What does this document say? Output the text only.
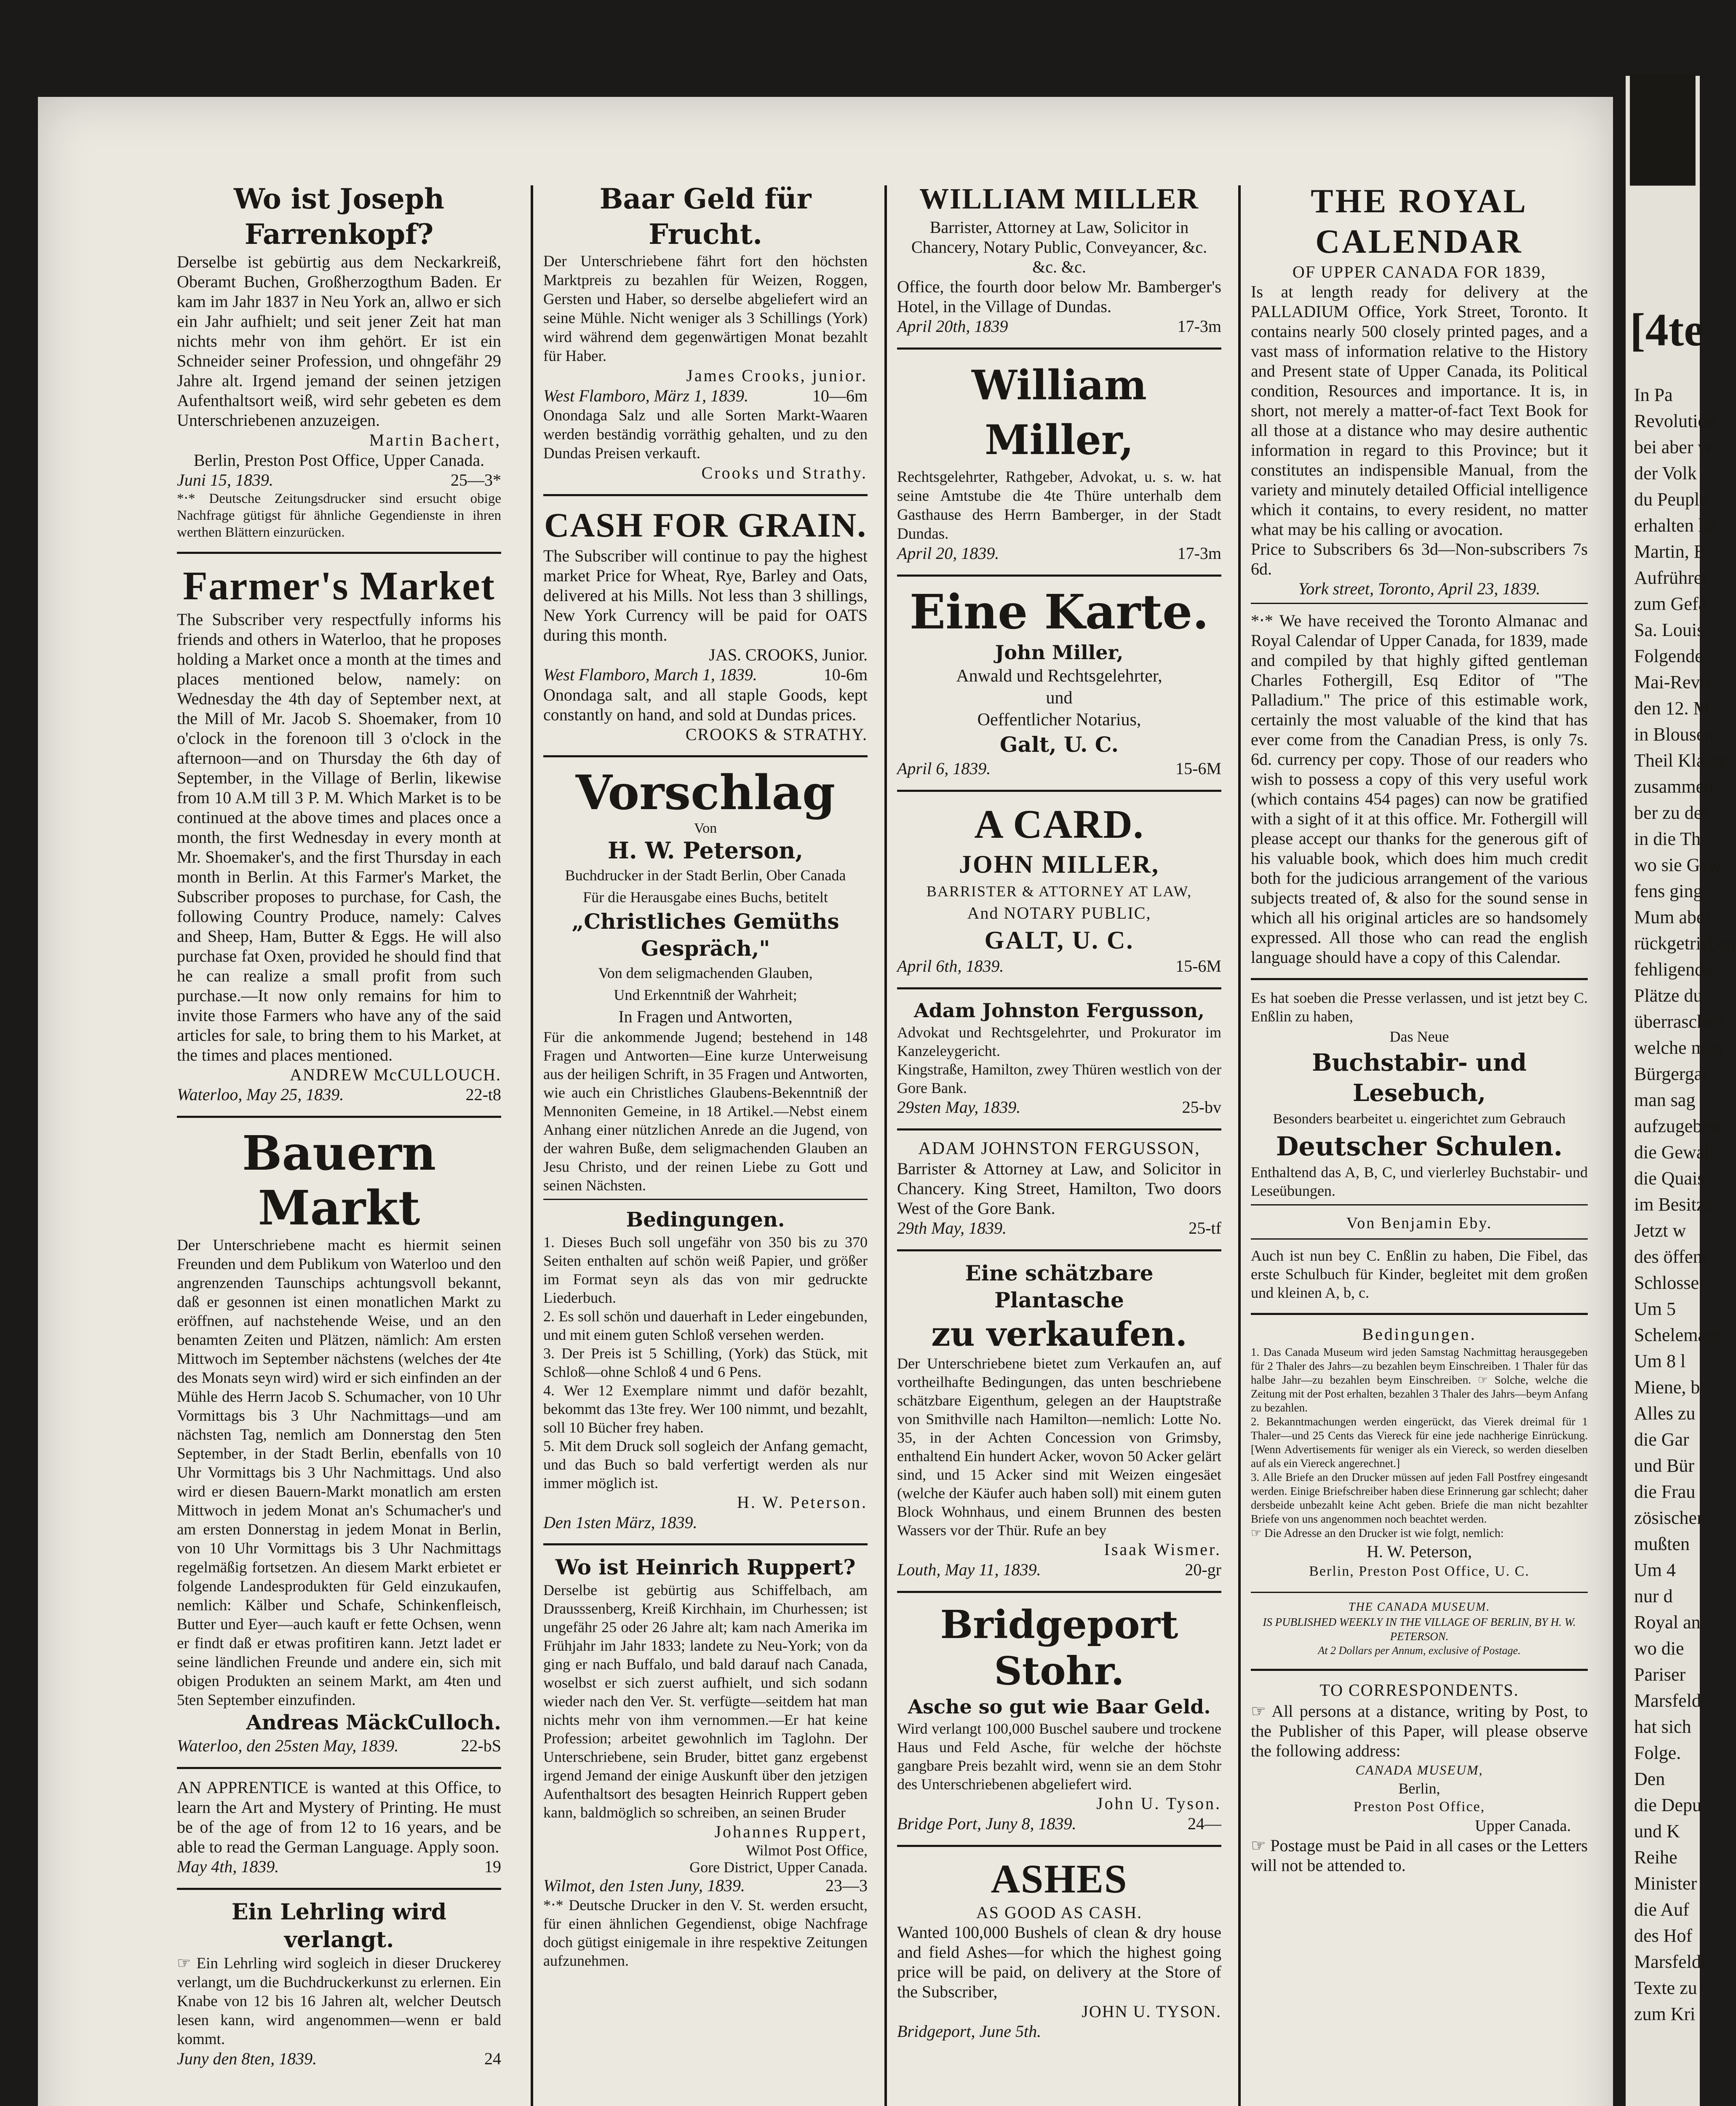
█
[4te
In Pa
Revolution
bei aber w
der Volk
du Peuple
erhalten ha
Martin, B
Aufrührer
zum Gefä
Sa. Louis
Folgende
Mai-Revo
den 12. M
in Blousen
Theil Klasse
zusammen
ber zu der
in die Th
wo sie Gew
fens ging
Mum aber
rückgetrieben
fehligende
Plätze du
überraschen
welche man
Bürgergar
man sag
aufzugeben
die Gewalt
die Quais
im Besitze
Jetzt w
des öffent
Schlosse
Um 5
Schelemans
Um 8 l
Miene, b
Alles zu
die Gar
und Bür
die Frau
zösischen
mußten
Um 4
nur d
Royal an
wo die
Pariser
Marsfeld
hat sich
Folge.
Den
die Depu
und K
Reihe
Minister
die Auf
des Hof
Marsfelde
Texte zu
zum Kri
Wo ist Joseph Farrenkopf?

Derselbe ist gebürtig aus dem Neckarkreiß, Oberamt Buchen, Großherzogthum Baden. Er kam im Jahr 1837 in Neu York an, allwo er sich ein Jahr aufhielt; und seit jener Zeit hat man nichts mehr von ihm gehört. Er ist ein Schneider seiner Profession, und ohngefähr 29 Jahre alt. Irgend jemand der seinen jetzigen Aufenthaltsort weiß, wird sehr gebeten es dem Unterschriebenen anzuzeigen.

Martin Bachert,

Berlin, Preston Post Office, Upper Canada.

Juni 15, 1839.	25—3*

*‧* Deutsche Zeitungsdrucker sind ersucht obige Nachfrage gütigst für ähnliche Gegendienste in ihren werthen Blättern einzurücken.

Farmer's Market

The Subscriber very respectfully informs his friends and others in Waterloo, that he proposes holding a Market once a month at the times and places mentioned below, namely: on Wednesday the 4th day of September next, at the Mill of Mr. Jacob S. Shoemaker, from 10 o'clock in the forenoon till 3 o'clock in the afternoon—and on Thursday the 6th day of September, in the Village of Berlin, likewise from 10 A.M till 3 P. M. Which Market is to be continued at the above times and places once a month, the first Wednesday in every month at Mr. Shoemaker's, and the first Thursday in each month in Berlin. At this Farmer's Market, the Subscriber proposes to purchase, for Cash, the following Country Produce, namely: Calves and Sheep, Ham, Butter & Eggs. He will also purchase fat Oxen, provided he should find that he can realize a small profit from such purchase.—It now only remains for him to invite those Farmers who have any of the said articles for sale, to bring them to his Market, at the times and places mentioned.

ANDREW McCULLOUCH.

Waterloo, May 25, 1839.	22-t8
Bauern Markt

Der Unterschriebene macht es hiermit seinen Freunden und dem Publikum von Waterloo und den angrenzenden Taunschips achtungsvoll bekannt, daß er gesonnen ist einen monatlichen Markt zu eröffnen, auf nachstehende Weise, und an den benamten Zeiten und Plätzen, nämlich: Am ersten Mittwoch im September nächstens (welches der 4te des Monats seyn wird) wird er sich einfinden an der Mühle des Herrn Jacob S. Schumacher, von 10 Uhr Vormittags bis 3 Uhr Nachmittags—und am nächsten Tag, nemlich am Donnerstag den 5ten September, in der Stadt Berlin, ebenfalls von 10 Uhr Vormittags bis 3 Uhr Nachmittags. Und also wird er diesen Bauern-Markt monatlich am ersten Mittwoch in jedem Monat an's Schumacher's und am ersten Donnerstag in jedem Monat in Berlin, von 10 Uhr Vormittags bis 3 Uhr Nachmittags regelmäßig fortsetzen. An diesem Markt erbietet er folgende Landesprodukten für Geld einzukaufen, nemlich: Kälber und Schafe, Schinkenfleisch, Butter und Eyer—auch kauft er fette Ochsen, wenn er findt daß er etwas profitiren kann. Jetzt ladet er seine ländlichen Freunde und andere ein, sich mit obigen Produkten an seinem Markt, am 4ten und 5ten September einzufinden.

Andreas MäckCulloch.

Waterloo, den 25sten May, 1839.	22-bS

AN APPRENTICE is wanted at this Office, to learn the Art and Mystery of Printing. He must be of the age of from 12 to 16 years, and be able to read the German Language. Apply soon.

May 4th, 1839.	19
Ein Lehrling wird verlangt.

☞ Ein Lehrling wird sogleich in dieser Druckerey verlangt, um die Buchdruckerkunst zu erlernen. Ein Knabe von 12 bis 16 Jahren alt, welcher Deutsch lesen kann, wird angenommen—wenn er bald kommt.

Juny den 8ten, 1839.	24
Baar Geld für Frucht.

Der Unterschriebene fährt fort den höchsten Marktpreis zu bezahlen für Weizen, Roggen, Gersten und Haber, so derselbe abgeliefert wird an seine Mühle. Nicht weniger als 3 Schillings (York) wird während dem gegenwärtigen Monat bezahlt für Haber.

James Crooks, junior.

West Flamboro, März 1, 1839.	10—6m

Onondaga Salz und alle Sorten Markt-Waaren werden beständig vorräthig gehalten, und zu den Dundas Preisen verkauft.

Crooks und Strathy.

CASH FOR GRAIN.

The Subscriber will continue to pay the highest market Price for Wheat, Rye, Barley and Oats, delivered at his Mills. Not less than 3 shillings, New York Currency will be paid for OATS during this month.

JAS. CROOKS, Junior.

West Flamboro, March 1, 1839.	10-6m

Onondaga salt, and all staple Goods, kept constantly on hand, and sold at Dundas prices.

CROOKS & STRATHY.

Vorschlag

Von

H. W. Peterson,

Buchdrucker in der Stadt Berlin, Ober Canada

Für die Herausgabe eines Buchs, betitelt

„Christliches Gemüths Gespräch,"

Von dem seligmachenden Glauben,

Und Erkenntniß der Wahrheit;

In Fragen und Antworten,

Für die ankommende Jugend; bestehend in 148 Fragen und Antworten—Eine kurze Unterweisung aus der heiligen Schrift, in 35 Fragen und Antworten, wie auch ein Christliches Glaubens-Bekenntniß der Mennoniten Gemeine, in 18 Artikel.—Nebst einem Anhang einer nützlichen Anrede an die Jugend, von der wahren Buße, dem seligmachenden Glauben an Jesu Christo, und der reinen Liebe zu Gott und seinen Nächsten.

Bedingungen.

1. Dieses Buch soll ungefähr von 350 bis zu 370 Seiten enthalten auf schön weiß Papier, und größer im Format seyn als das von mir gedruckte Liederbuch.

2. Es soll schön und dauerhaft in Leder eingebunden, und mit einem guten Schloß versehen werden.

3. Der Preis ist 5 Schilling, (York) das Stück, mit Schloß—ohne Schloß 4 und 6 Pens.

4. Wer 12 Exemplare nimmt und daför bezahlt, bekommt das 13te frey. Wer 100 nimmt, und bezahlt, soll 10 Bücher frey haben.

5. Mit dem Druck soll sogleich der Anfang gemacht, und das Buch so bald verfertigt werden als nur immer möglich ist.

H. W. Peterson.

Den 1sten März, 1839.

Wo ist Heinrich Ruppert?

Derselbe ist gebürtig aus Schiffelbach, am Drausssenberg, Kreiß Kirchhain, im Churhessen; ist ungefähr 25 oder 26 Jahre alt; kam nach Amerika im Frühjahr im Jahr 1833; landete zu Neu-York; von da ging er nach Buffalo, und bald darauf nach Canada, woselbst er sich zuerst aufhielt, und sich sodann wieder nach den Ver. St. verfügte—seitdem hat man nichts mehr von ihm vernommen.—Er hat keine Profession; arbeitet gewohnlich im Taglohn. Der Unterschriebene, sein Bruder, bittet ganz ergebenst irgend Jemand der einige Auskunft über den jetzigen Aufenthaltsort des besagten Heinrich Ruppert geben kann, baldmöglich so schreiben, an seinen Bruder

Johannes Ruppert,

Wilmot Post Office,

Gore District, Upper Canada.

Wilmot, den 1sten Juny, 1839.	23—3

*‧* Deutsche Drucker in den V. St. werden ersucht, für einen ähnlichen Gegendienst, obige Nachfrage doch gütigst einigemale in ihre respektive Zeitungen aufzunehmen.

WILLIAM MILLER

Barrister, Attorney at Law, Solicitor in Chancery, Notary Public, Conveyancer, &c. &c. &c.

Office, the fourth door below Mr. Bamberger's Hotel, in the Village of Dundas.

April 20th, 1839	17-3m
William Miller,

Rechtsgelehrter, Rathgeber, Advokat, u. s. w. hat seine Amtstube die 4te Thüre unterhalb dem Gasthause des Herrn Bamberger, in der Stadt Dundas.

April 20, 1839.	17-3m
Eine Karte.

John Miller,

Anwald und Rechtsgelehrter,

und

Oeffentlicher Notarius,

Galt, U. C.

April 6, 1839.	15-6M
A CARD.

JOHN MILLER,

BARRISTER & ATTORNEY AT LAW,

And NOTARY PUBLIC,

GALT, U. C.

April 6th, 1839.	15-6M
Adam Johnston Fergusson,

Advokat und Rechtsgelehrter, und Prokurator im Kanzeleygericht.

Kingstraße, Hamilton, zwey Thüren westlich von der Gore Bank.

29sten May, 1839.	25-bv
ADAM JOHNSTON FERGUSSON,

Barrister & Attorney at Law, and Solicitor in Chancery. King Street, Hamilton, Two doors West of the Gore Bank.

29th May, 1839.	25-tf
Eine schätzbare Plantasche
zu verkaufen.

Der Unterschriebene bietet zum Verkaufen an, auf vortheilhafte Bedingungen, das unten beschriebene schätzbare Eigenthum, gelegen an der Hauptstraße von Smithville nach Hamilton—nemlich: Lotte No. 35, in der Achten Concession von Grimsby, enthaltend Ein hundert Acker, wovon 50 Acker gelärt sind, und 15 Acker sind mit Weizen eingesäet (welche der Käufer auch haben soll) mit einem guten Block Wohnhaus, und einem Brunnen des besten Wassers vor der Thür. Rufe an bey

Isaak Wismer.

Louth, May 11, 1839.	20-gr
Bridgeport Stohr.

Asche so gut wie Baar Geld.

Wird verlangt 100,000 Buschel saubere und trockene Haus und Feld Asche, für welche der höchste gangbare Preis bezahlt wird, wenn sie an dem Stohr des Unterschriebenen abgeliefert wird.

John U. Tyson.

Bridge Port, Juny 8, 1839.	24—
ASHES

AS GOOD AS CASH.

Wanted 100,000 Bushels of clean & dry house and field Ashes—for which the highest going price will be paid, on delivery at the Store of the Subscriber,

JOHN U. TYSON.

Bridgeport, June 5th.

THE ROYAL
CALENDAR

OF UPPER CANADA FOR 1839,

Is at length ready for delivery at the PALLADIUM Office, York Street, Toronto. It contains nearly 500 closely printed pages, and a vast mass of information relative to the History and Present state of Upper Canada, its Political condition, Resources and importance. It is, in short, not merely a matter-of-fact Text Book for all those at a distance who may desire authentic information in regard to this Province; but it constitutes an indispensible Manual, from the variety and minutely detailed Official intelligence which it contains, to every resident, no matter what may be his calling or avocation.

Price to Subscribers 6s 3d—Non-subscribers 7s 6d.

York street, Toronto, April 23, 1839.

*‧* We have received the Toronto Almanac and Royal Calendar of Upper Canada, for 1839, made and compiled by that highly gifted gentleman Charles Fothergill, Esq Editor of "The Palladium." The price of this estimable work, certainly the most valuable of the kind that has ever come from the Canadian Press, is only 7s. 6d. currency per copy. Those of our readers who wish to possess a copy of this very useful work (which contains 454 pages) can now be gratified with a sight of it at this office. Mr. Fothergill will please accept our thanks for the generous gift of his valuable book, which does him much credit both for the judicious arrangement of the various subjects treated of, & also for the sound sense in which all his original articles are so handsomely expressed. All those who can read the english language should have a copy of this Calendar.

Es hat soeben die Presse verlassen, und ist jetzt bey C. Enßlin zu haben,

Das Neue

Buchstabir- und Lesebuch,

Besonders bearbeitet u. eingerichtet zum Gebrauch

Deutscher Schulen.

Enthaltend das A, B, C, und vierlerley Buchstabir- und Leseübungen.

Von Benjamin Eby.

Auch ist nun bey C. Enßlin zu haben, Die Fibel, das erste Schulbuch für Kinder, begleitet mit dem großen und kleinen A, b, c.

Bedingungen.

1. Das Canada Museum wird jeden Samstag Nachmittag herausgegeben für 2 Thaler des Jahrs—zu bezahlen beym Einschreiben. 1 Thaler für das halbe Jahr—zu bezahlen beym Einschreiben. ☞ Solche, welche die Zeitung mit der Post erhalten, bezahlen 3 Thaler des Jahrs—beym Anfang zu bezahlen.

2. Bekanntmachungen werden eingerückt, das Vierek dreimal für 1 Thaler—und 25 Cents das Viereck für eine jede nachherige Einrückung. [Wenn Advertisements für weniger als ein Viereck, so werden dieselben auf als ein Viereck angerechnet.]

3. Alle Briefe an den Drucker müssen auf jeden Fall Postfrey eingesandt werden. Einige Briefschreiber haben diese Erinnerung gar schlecht; daher dersbeide unbezahlt keine Acht geben. Briefe die man nicht bezahlter Briefe von uns angenommen noch beachtet werden.

☞ Die Adresse an den Drucker ist wie folgt, nemlich:

H. W. Peterson,

Berlin, Preston Post Office, U. C.

THE CANADA MUSEUM.

IS PUBLISHED WEEKLY IN THE VILLAGE OF BERLIN, BY H. W. PETERSON.

At 2 Dollars per Annum, exclusive of Postage.

TO CORRESPONDENTS.

☞ All persons at a distance, writing by Post, to the Publisher of this Paper, will please observe the following address:

CANADA MUSEUM,

Berlin,

Preston Post Office,

Upper Canada.

☞ Postage must be Paid in all cases or the Letters will not be attended to.
